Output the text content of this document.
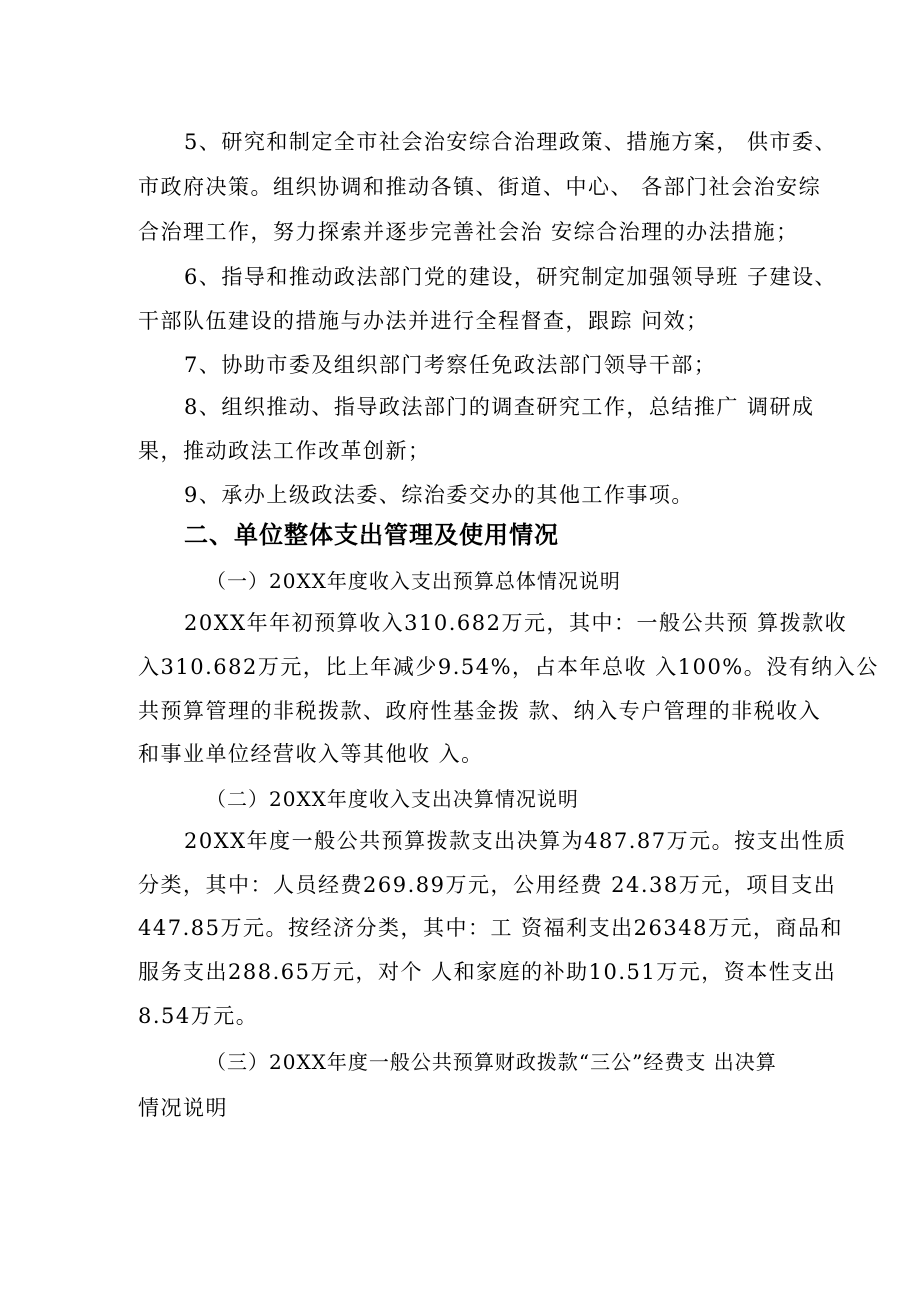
5、研究和制定全市社会治安综合治理政策、措施方案， 供市委、
市政府决策。组织协调和推动各镇、街道、中心、 各部门社会治安综
合治理工作，努力探索并逐步完善社会治 安综合治理的办法措施；
6、指导和推动政法部门党的建设，研究制定加强领导班 子建设、
干部队伍建设的措施与办法并进行全程督查，跟踪 问效；
7、协助市委及组织部门考察任免政法部门领导干部；
8、组织推动、指导政法部门的调查研究工作，总结推广 调研成
果，推动政法工作改革创新；
9、承办上级政法委、综治委交办的其他工作事项。
二、单位整体支出管理及使用情况
（一）20XX年度收入支出预算总体情况说明
20XX年年初预算收入310.682万元，其中：一般公共预 算拨款收
入310.682万元，比上年减少9.54%，占本年总收 入100%。没有纳入公
共预算管理的非税拨款、政府性基金拨 款、纳入专户管理的非税收入
和事业单位经营收入等其他收 入。
（二）20XX年度收入支出决算情况说明
20XX年度一般公共预算拨款支出决算为487.87万元。按支出性质
分类，其中：人员经费269.89万元，公用经费 24.38万元，项目支出
447.85万元。按经济分类，其中：工 资福利支出26348万元，商品和
服务支出288.65万元，对个 人和家庭的补助10.51万元，资本性支出
8.54万元。
（三）20XX年度一般公共预算财政拨款“三公”经费支 出决算
情况说明
